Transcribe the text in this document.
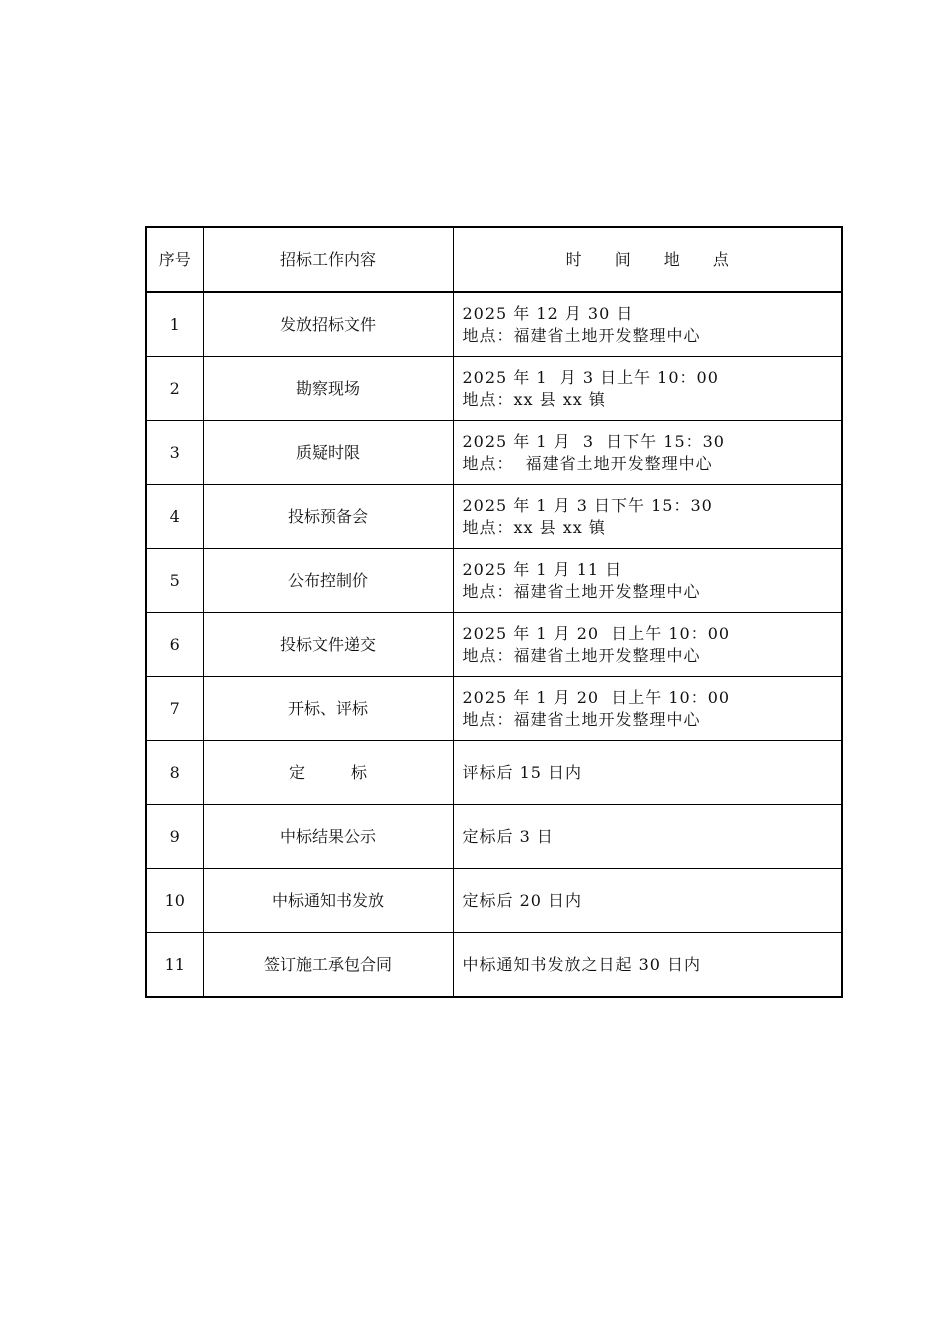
序号	招标工作内容	时 间 地 点
1	发放招标文件	2025 年 12 月 30 日
地点：福建省土地开发整理中心

2	勘察现场	2025 年 1  月 3 日上午 10：00
地点：xx 县 xx 镇

3	质疑时限	2025 年 1 月  3  日下午 15：30
地点：  福建省土地开发整理中心

4	投标预备会	2025 年 1 月 3 日下午 15：30
地点：xx 县 xx 镇

5	公布控制价	2025 年 1 月 11 日
地点：福建省土地开发整理中心

6	投标文件递交	2025 年 1 月 20  日上午 10：00
地点：福建省土地开发整理中心

7	开标、评标	2025 年 1 月 20  日上午 10：00
地点：福建省土地开发整理中心

8	定标	评标后 15 日内

9	中标结果公示	定标后 3 日

10	中标通知书发放	定标后 20 日内

11	签订施工承包合同	中标通知书发放之日起 30 日内
